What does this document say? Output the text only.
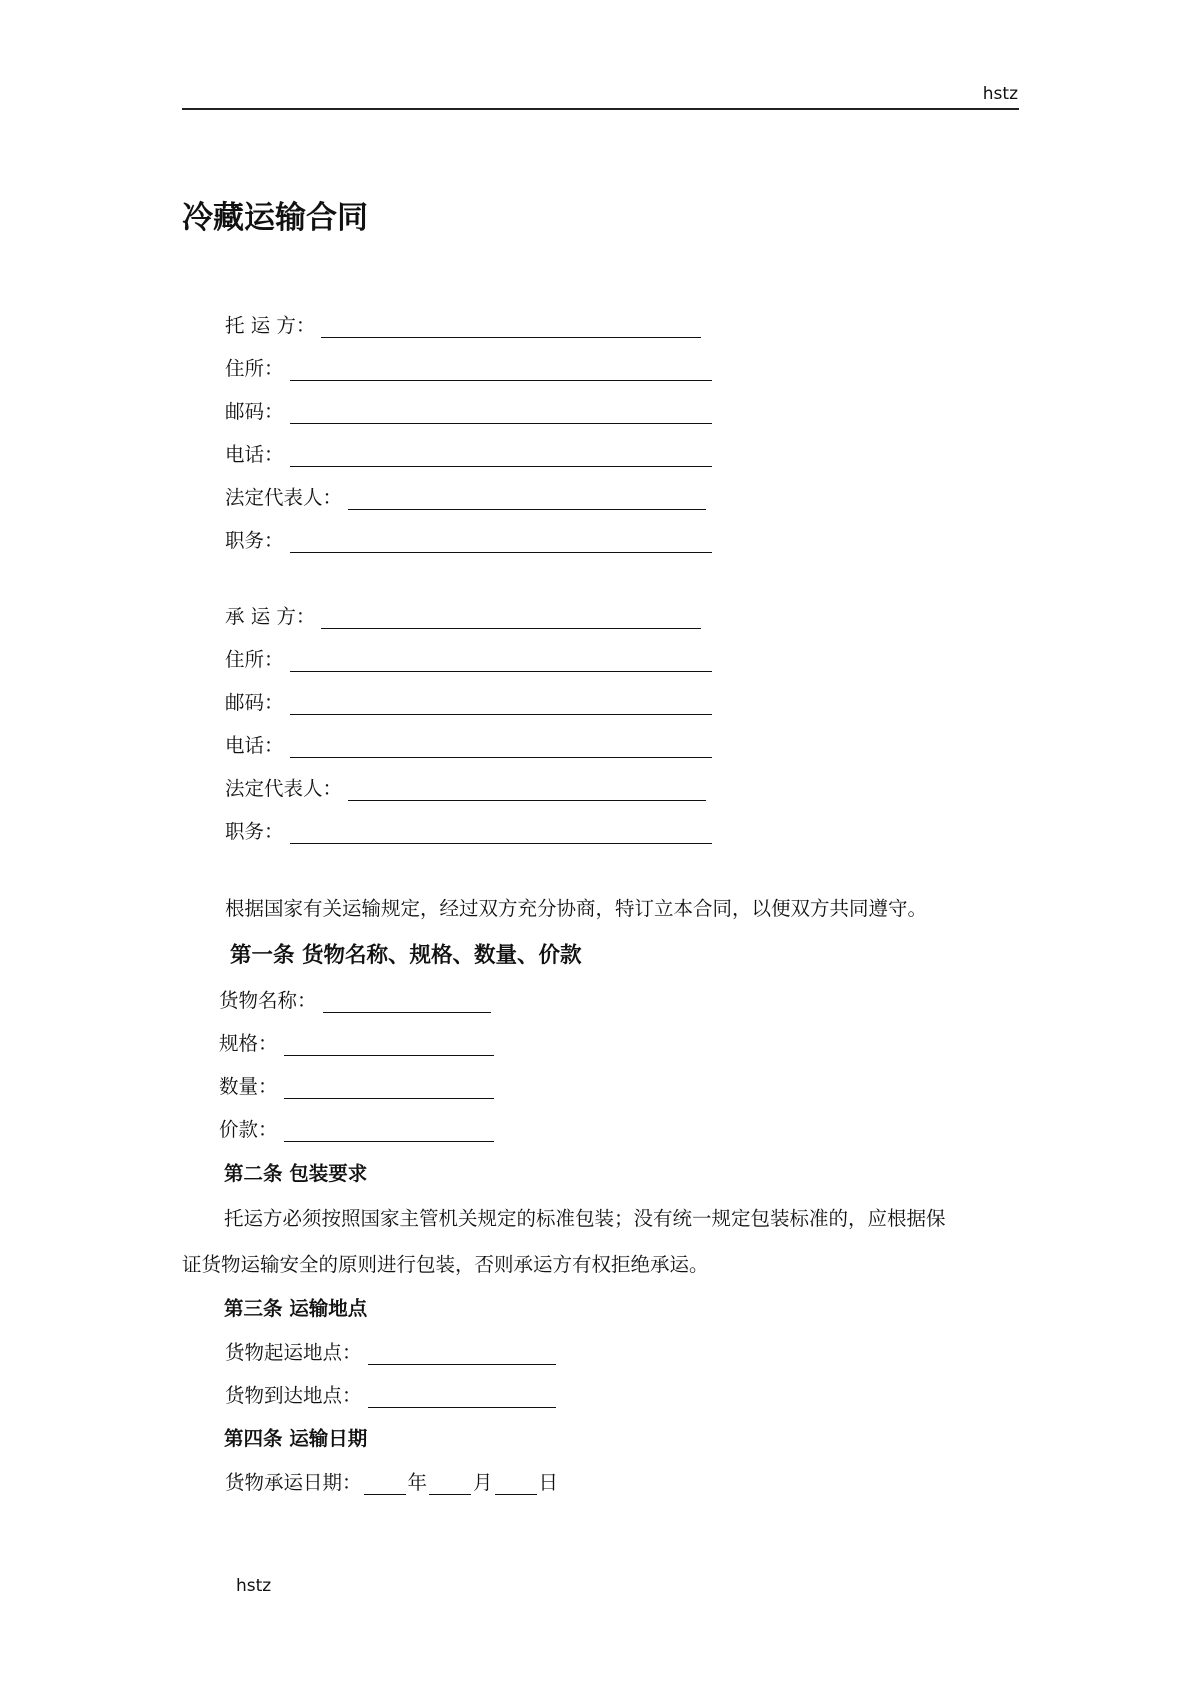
hstz
冷藏运输合同
托 运 方：
住所：
邮码：
电话：
法定代表人：
职务：
承 运 方：
住所：
邮码：
电话：
法定代表人：
职务：
根据国家有关运输规定，经过双方充分协商，特订立本合同，以便双方共同遵守。
第一条 货物名称、规格、数量、价款
货物名称：
规格：
数量：
价款：
第二条 包装要求
托运方必须按照国家主管机关规定的标准包装；没有统一规定包装标准的，应根据保
证货物运输安全的原则进行包装，否则承运方有权拒绝承运。
第三条 运输地点
货物起运地点：
货物到达地点：
第四条 运输日期
货物承运日期： 年 月 日
hstz
